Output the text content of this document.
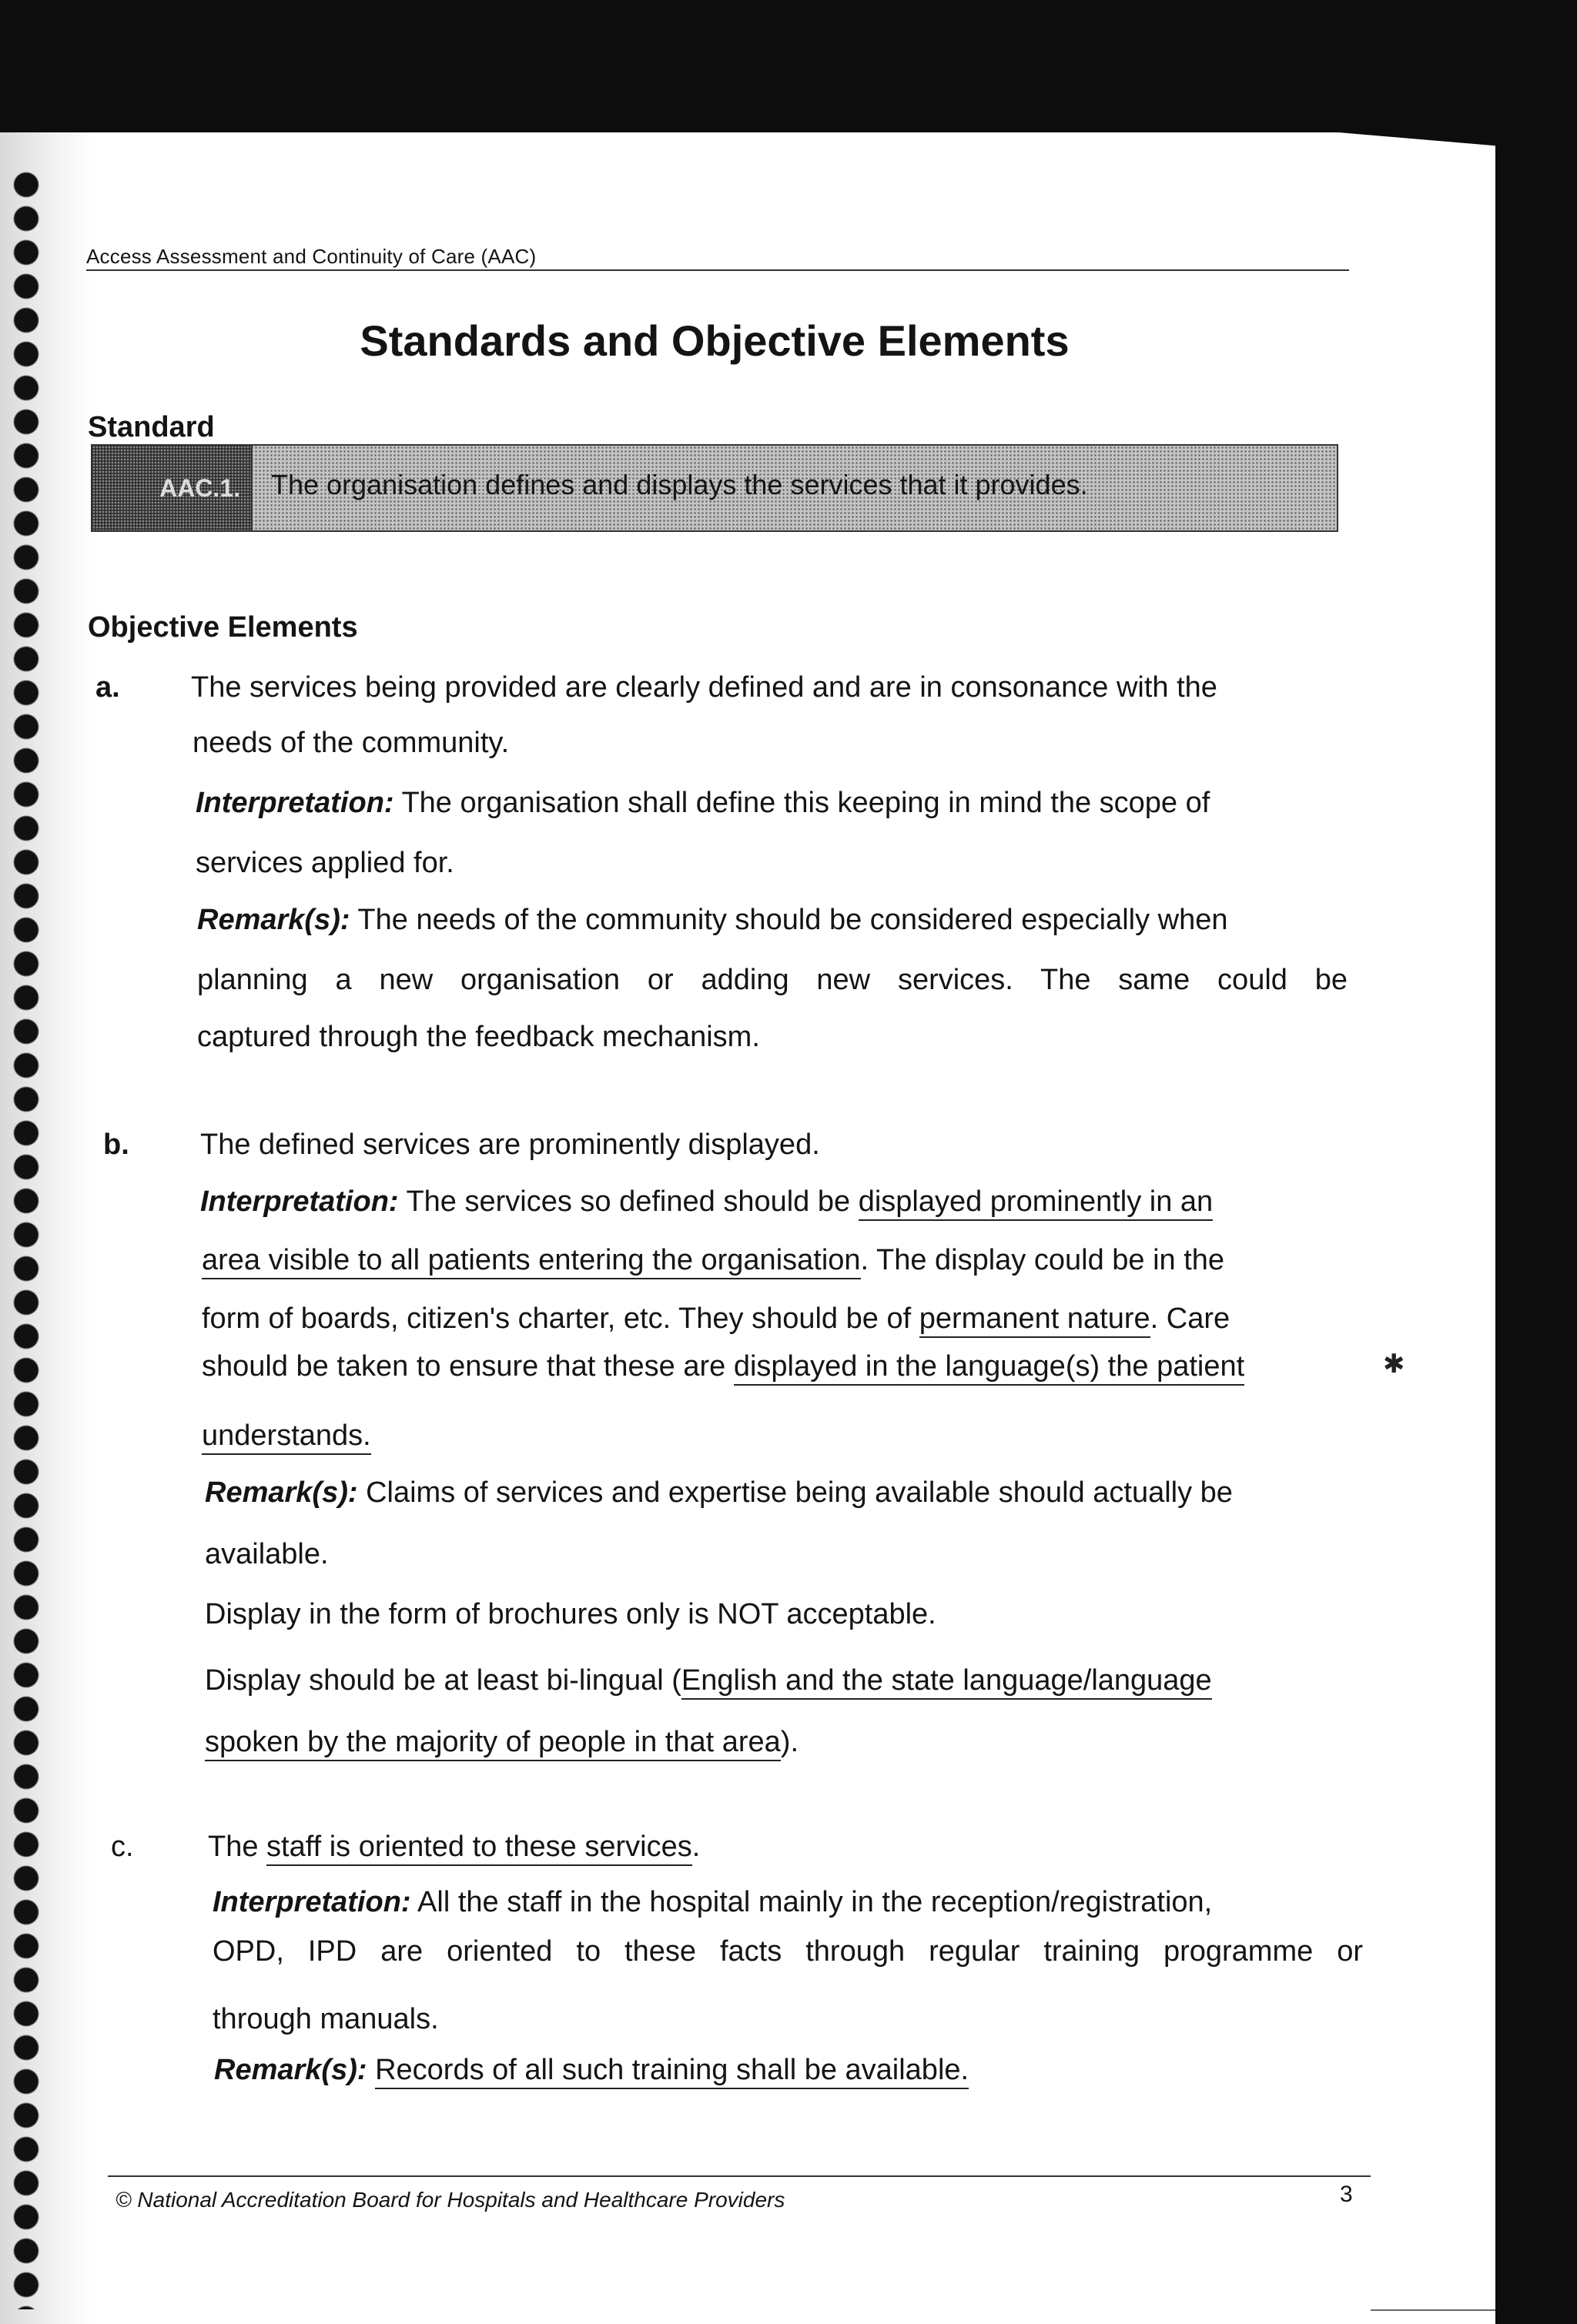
Access Assessment and Continuity of Care (AAC)
Standards and Objective Elements
Standard
AAC.1.	The organisation defines and displays the services that it provides.
Objective Elements
a. The services being provided are clearly defined and are in consonance with the
needs of the community.
Interpretation: The organisation shall define this keeping in mind the scope of
services applied for.
Remark(s): The needs of the community should be considered especially when
planning a new organisation or adding new services. The same could be
captured through the feedback mechanism.
b. The defined services are prominently displayed.
Interpretation: The services so defined should be displayed prominently in an
area visible to all patients entering the organisation. The display could be in the
form of boards, citizen's charter, etc. They should be of permanent nature. Care
should be taken to ensure that these are displayed in the language(s) the patient	✱
understands.
Remark(s): Claims of services and expertise being available should actually be
available.
Display in the form of brochures only is NOT acceptable.
Display should be at least bi-lingual (English and the state language/language
spoken by the majority of people in that area).
c.	The staff is oriented to these services.
Interpretation: All the staff in the hospital mainly in the reception/registration,
OPD, IPD are oriented to these facts through regular training programme or
through manuals.
Remark(s): Records of all such training shall be available.
© National Accreditation Board for Hospitals and Healthcare Providers	3
